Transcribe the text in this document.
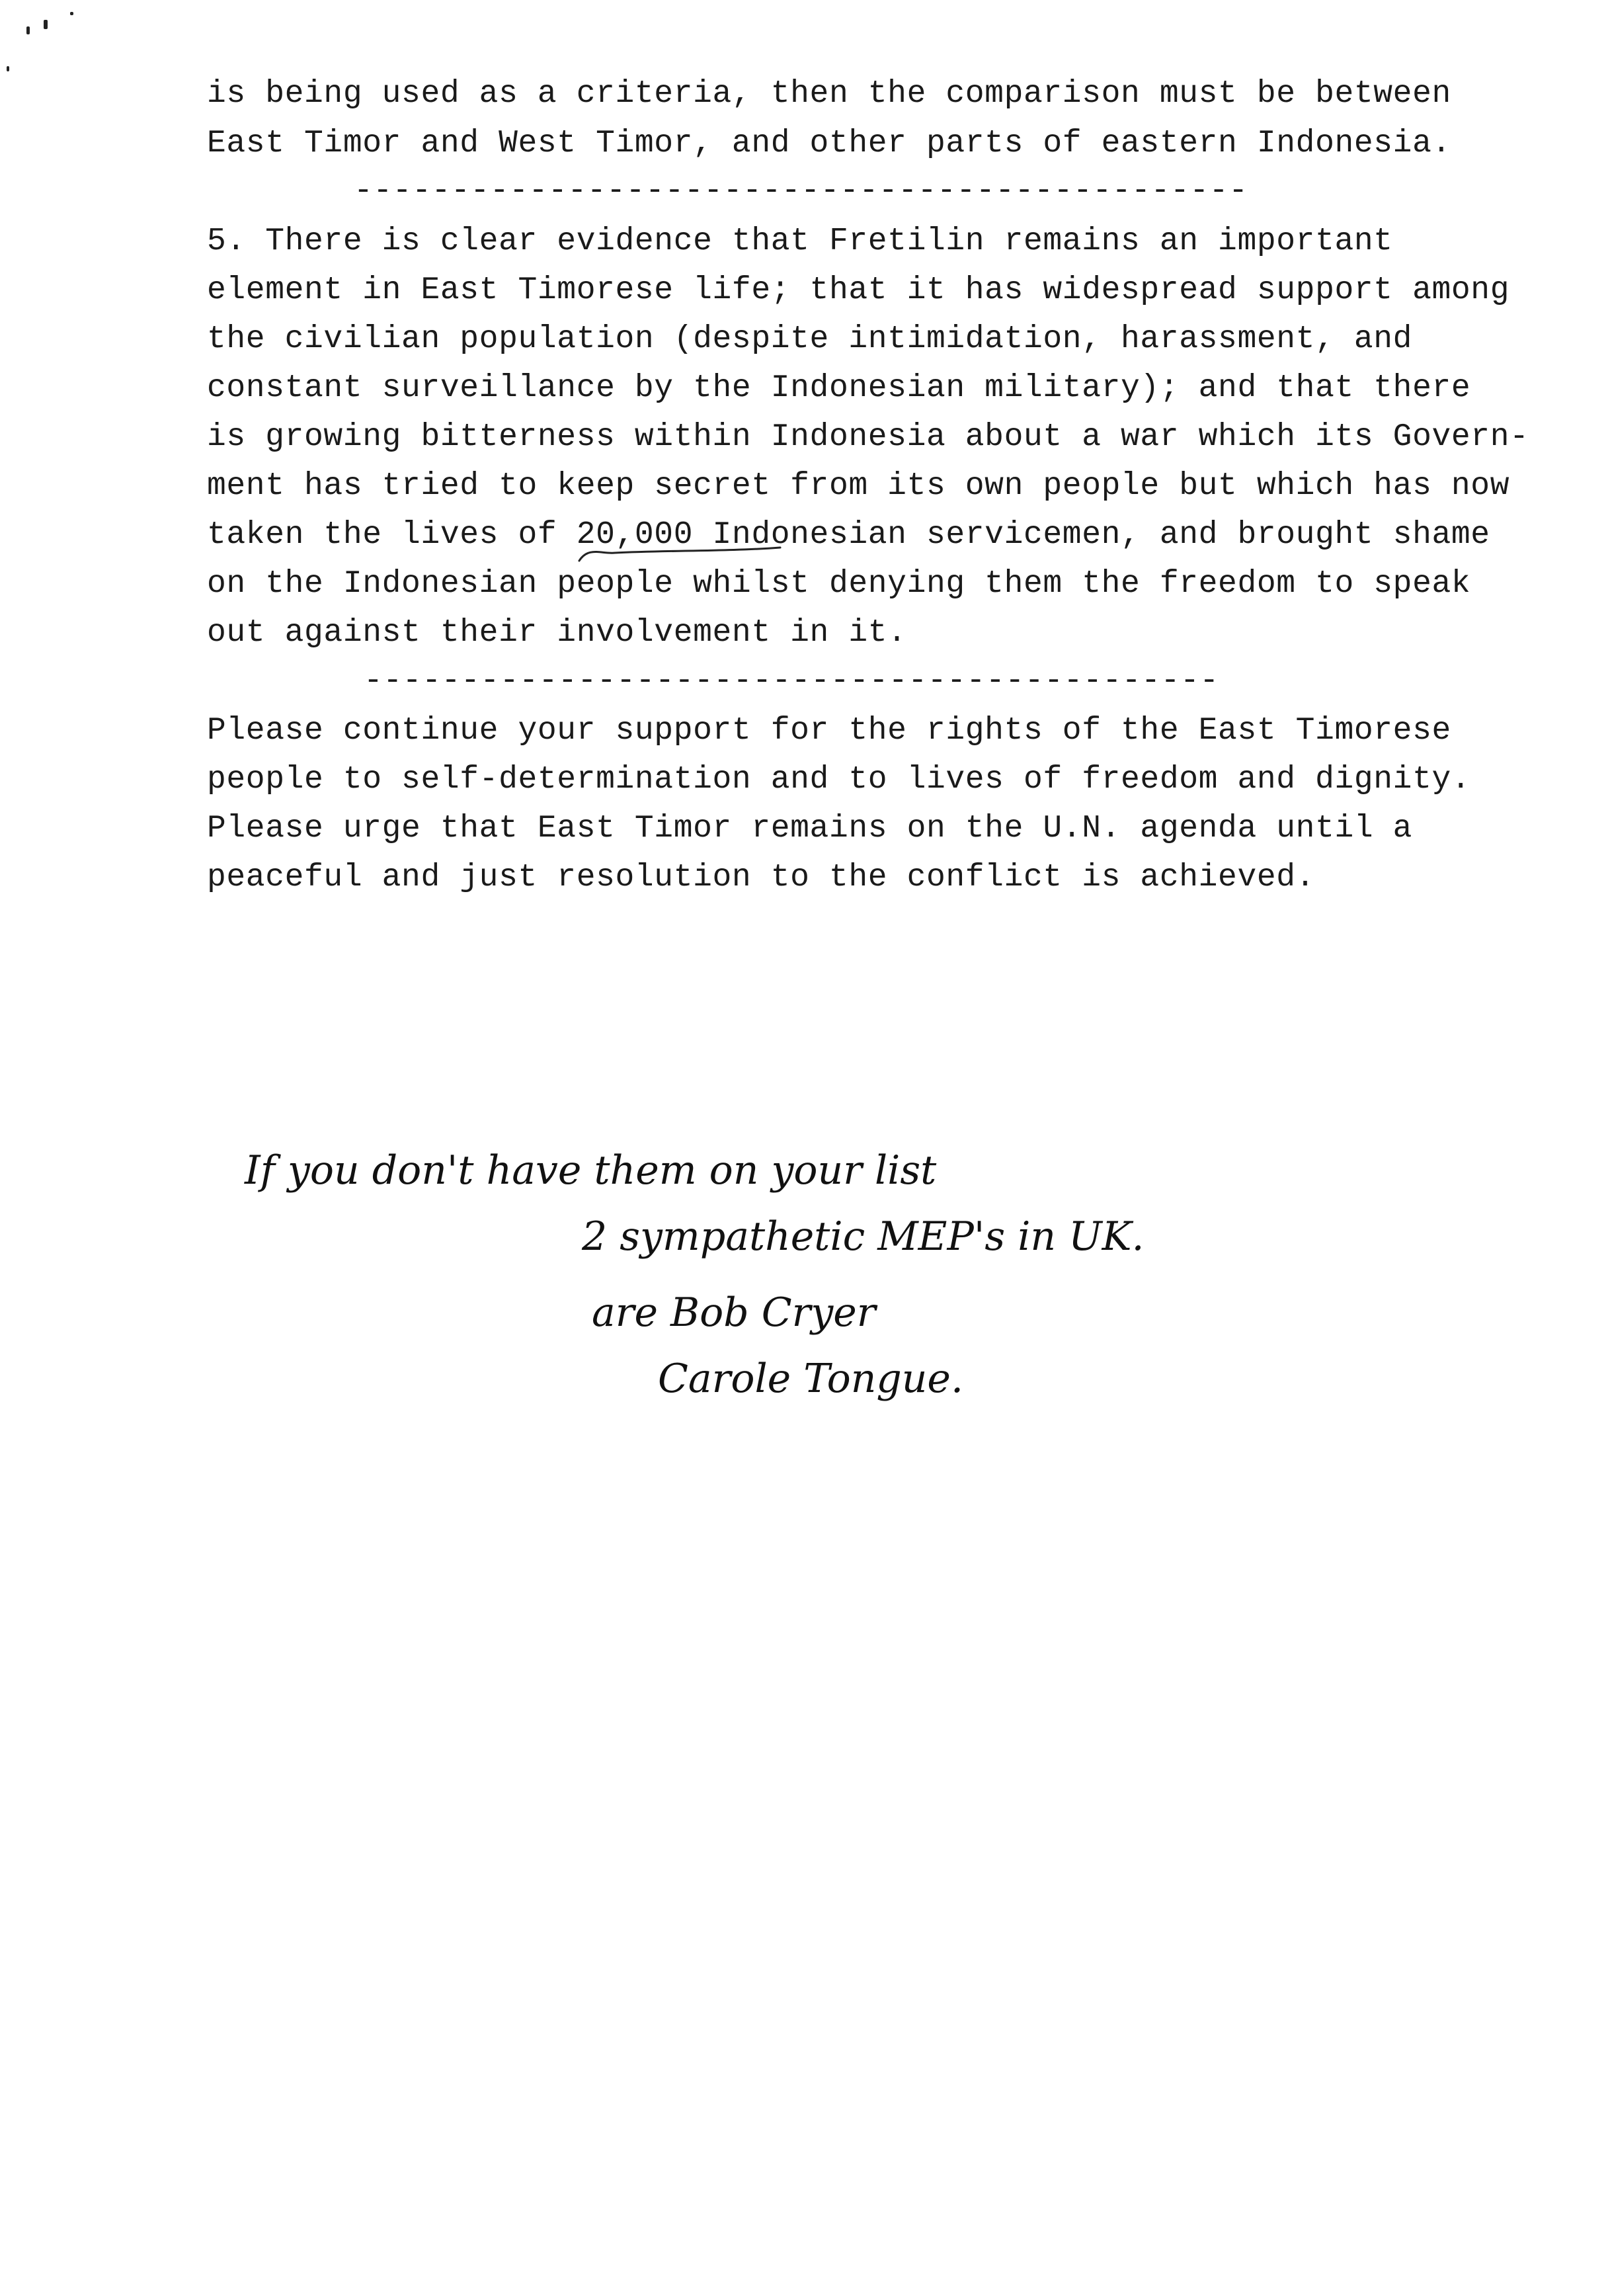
is being used as a criteria, then the comparison must be between
East Timor and West Timor, and other parts of eastern Indonesia.
----------------------------------------------
5. There is clear evidence that Fretilin remains an important
element in East Timorese life; that it has widespread support among
the civilian population (despite intimidation, harassment, and
constant surveillance by the Indonesian military); and that there
is growing bitterness within Indonesia about a war which its Govern-
ment has tried to keep secret from its own people but which has now
taken the lives of 20,000 Indonesian servicemen, and brought shame
on the Indonesian people whilst denying them the freedom to speak
out against their involvement in it.
--------------------------------------------
Please continue your support for the rights of the East Timorese
people to self-determination and to lives of freedom and dignity.
Please urge that East Timor remains on the U.N. agenda until a
peaceful and just resolution to the conflict is achieved.
If you don't have them on your list
2 sympathetic MEP's in UK.
are Bob Cryer
Carole Tongue.
